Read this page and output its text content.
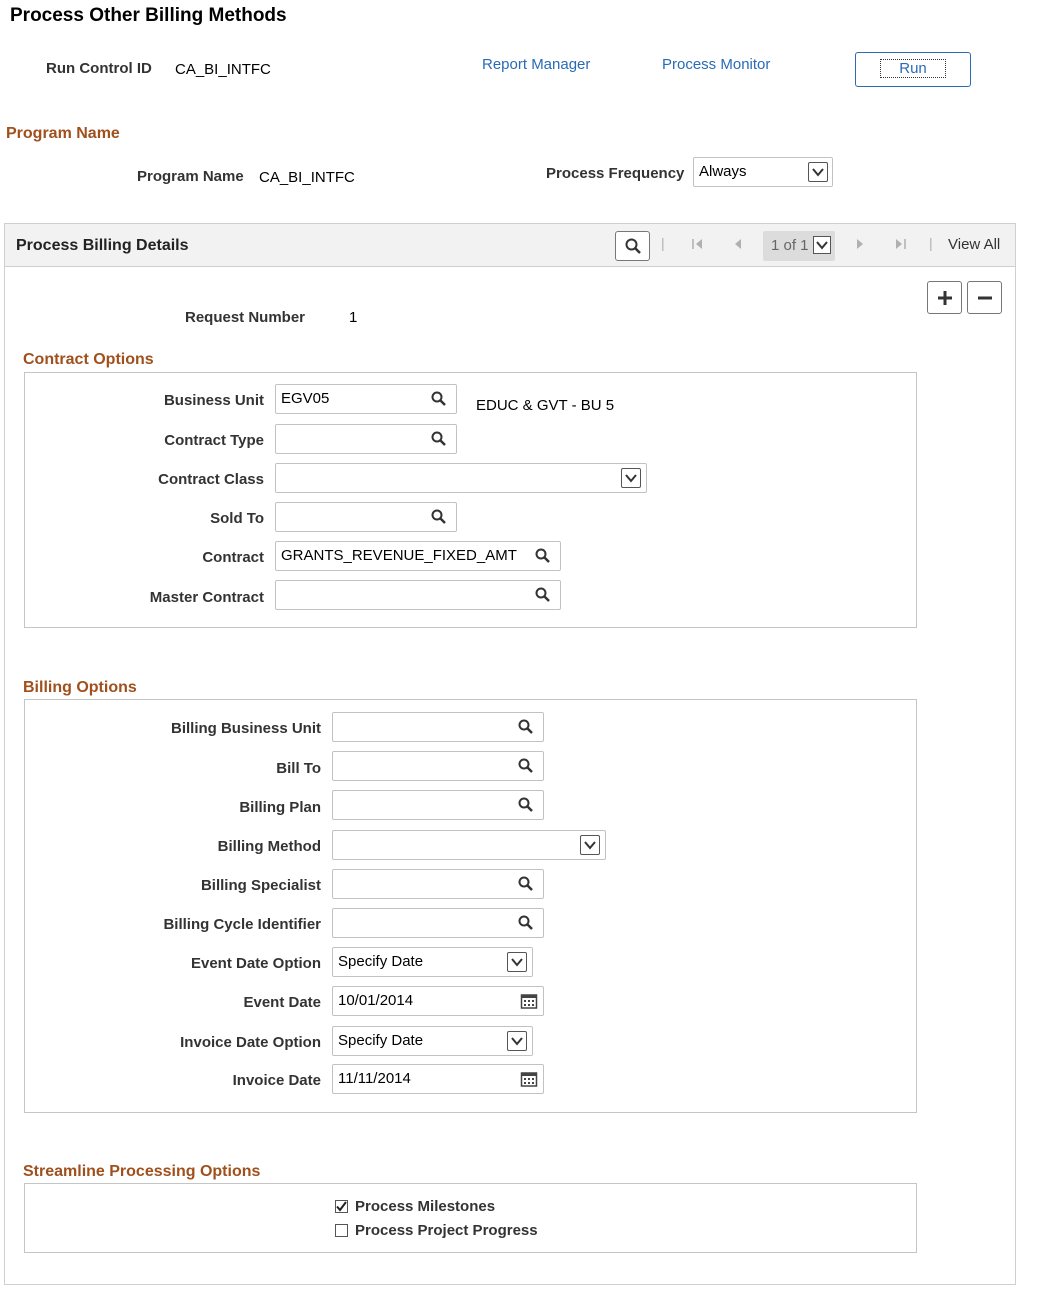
Process Other Billing Methods
Run Control ID CA_BI_INTFC	Report Manager	Process Monitor	Run
Program Name
Program Name CA_BI_INTFC	Process Frequency Always
Process Billing Details	|	1 of 1	| View All
Request Number	1
Contract Options
Business Unit	EGV05	EDUC & GVT - BU 5
Contract Type
Contract Class
Sold To
Contract	GRANTS_REVENUE_FIXED_AMT
Master Contract
Billing Options
Billing Business Unit
Bill To
Billing Plan
Billing Method
Billing Specialist
Billing Cycle Identifier
Event Date Option	Specify Date
Event Date	10/01/2014
Invoice Date Option	Specify Date
Invoice Date	11/11/2014
Streamline Processing Options
Process Milestones
Process Project Progress
